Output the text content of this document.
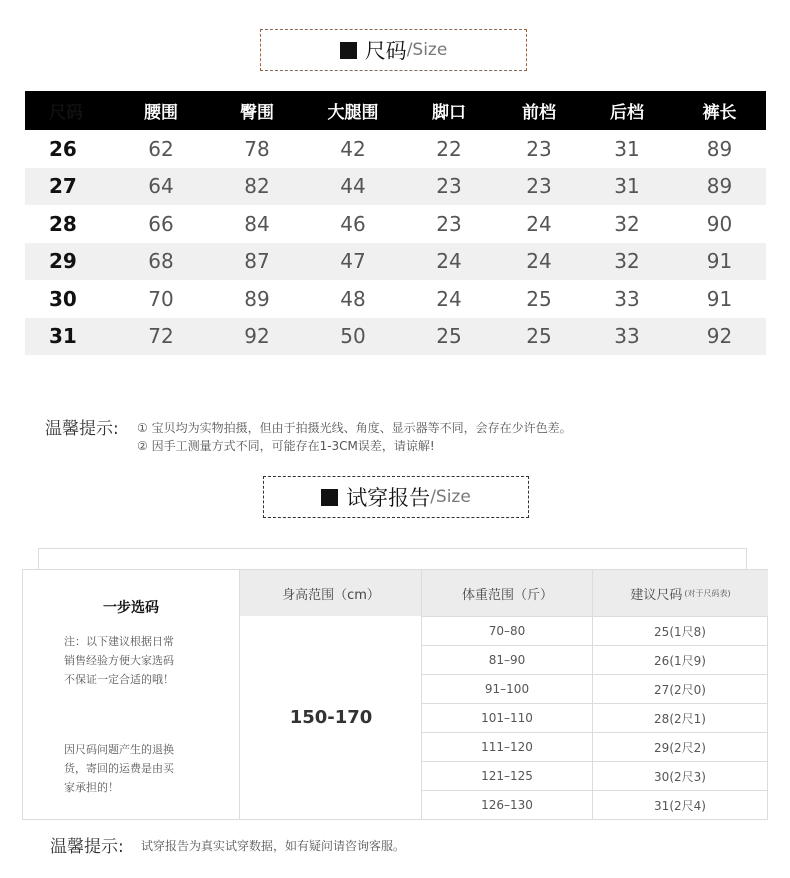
尺码 /Size
尺码	腰围	臀围	大腿围	脚口	前档	后档	裤长
26	62	78	42	22	23	31	89
27	64	82	44	23	23	31	89
28	66	84	46	23	24	32	90
29	68	87	47	24	24	32	91
30	70	89	48	24	25	33	91
31	72	92	50	25	25	33	92
温馨提示: ① 宝贝均为实物拍摄，但由于拍摄光线、角度、显示器等不同，会存在少许色差。
② 因手工测量方式不同，可能存在1-3CM误差，请谅解!
试穿报告 /Size
一步选码
注：以下建议根据日常
销售经验方便大家选码
不保证一定合适的哦！
因尺码问题产生的退换
货，寄回的运费是由买
家承担的！
身高范围（cm）	体重范围（斤）	建议尺码 (对于尺码表)
150-170
70–80	25(1尺8)
81–90	26(1尺9)
91–100	27(2尺0)
101–110	28(2尺1)
111–120	29(2尺2)
121–125	30(2尺3)
126–130	31(2尺4)
温馨提示: 试穿报告为真实试穿数据，如有疑问请咨询客服。
